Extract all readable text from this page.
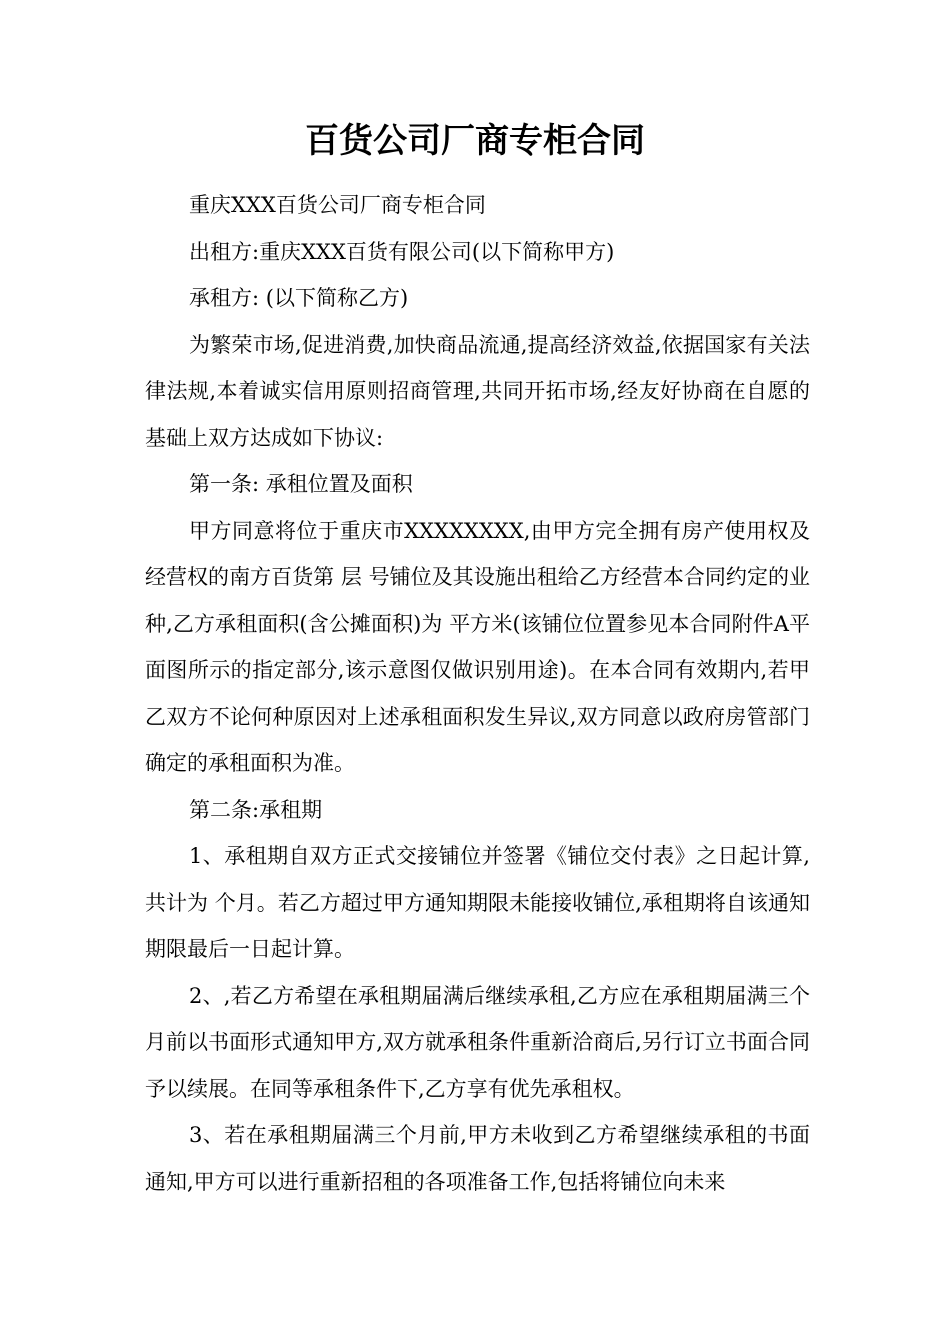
百货公司厂商专柜合同

重庆XXX百货公司厂商专柜合同

出租方:重庆XXX百货有限公司(以下简称甲方)

承租方: (以下简称乙方)

为繁荣市场,促进消费,加快商品流通,提高经济效益,依据国家有关法律法规,本着诚实信用原则招商管理,共同开拓市场,经友好协商在自愿的基础上双方达成如下协议:

第一条: 承租位置及面积

甲方同意将位于重庆市XXXXXXXX,由甲方完全拥有房产使用权及经营权的南方百货第 层 号铺位及其设施出租给乙方经营本合同约定的业种,乙方承租面积(含公摊面积)为 平方米(该铺位位置参见本合同附件A平面图所示的指定部分,该示意图仅做识别用途)。在本合同有效期内,若甲乙双方不论何种原因对上述承租面积发生异议,双方同意以政府房管部门确定的承租面积为准。

第二条:承租期

1、承租期自双方正式交接铺位并签署《铺位交付表》之日起计算,共计为 个月。若乙方超过甲方通知期限未能接收铺位,承租期将自该通知期限最后一日起计算。

2、,若乙方希望在承租期届满后继续承租,乙方应在承租期届满三个月前以书面形式通知甲方,双方就承租条件重新洽商后,另行订立书面合同予以续展。在同等承租条件下,乙方享有优先承租权。

3、若在承租期届满三个月前,甲方未收到乙方希望继续承租的书面通知,甲方可以进行重新招租的各项准备工作,包括将铺位向未来
